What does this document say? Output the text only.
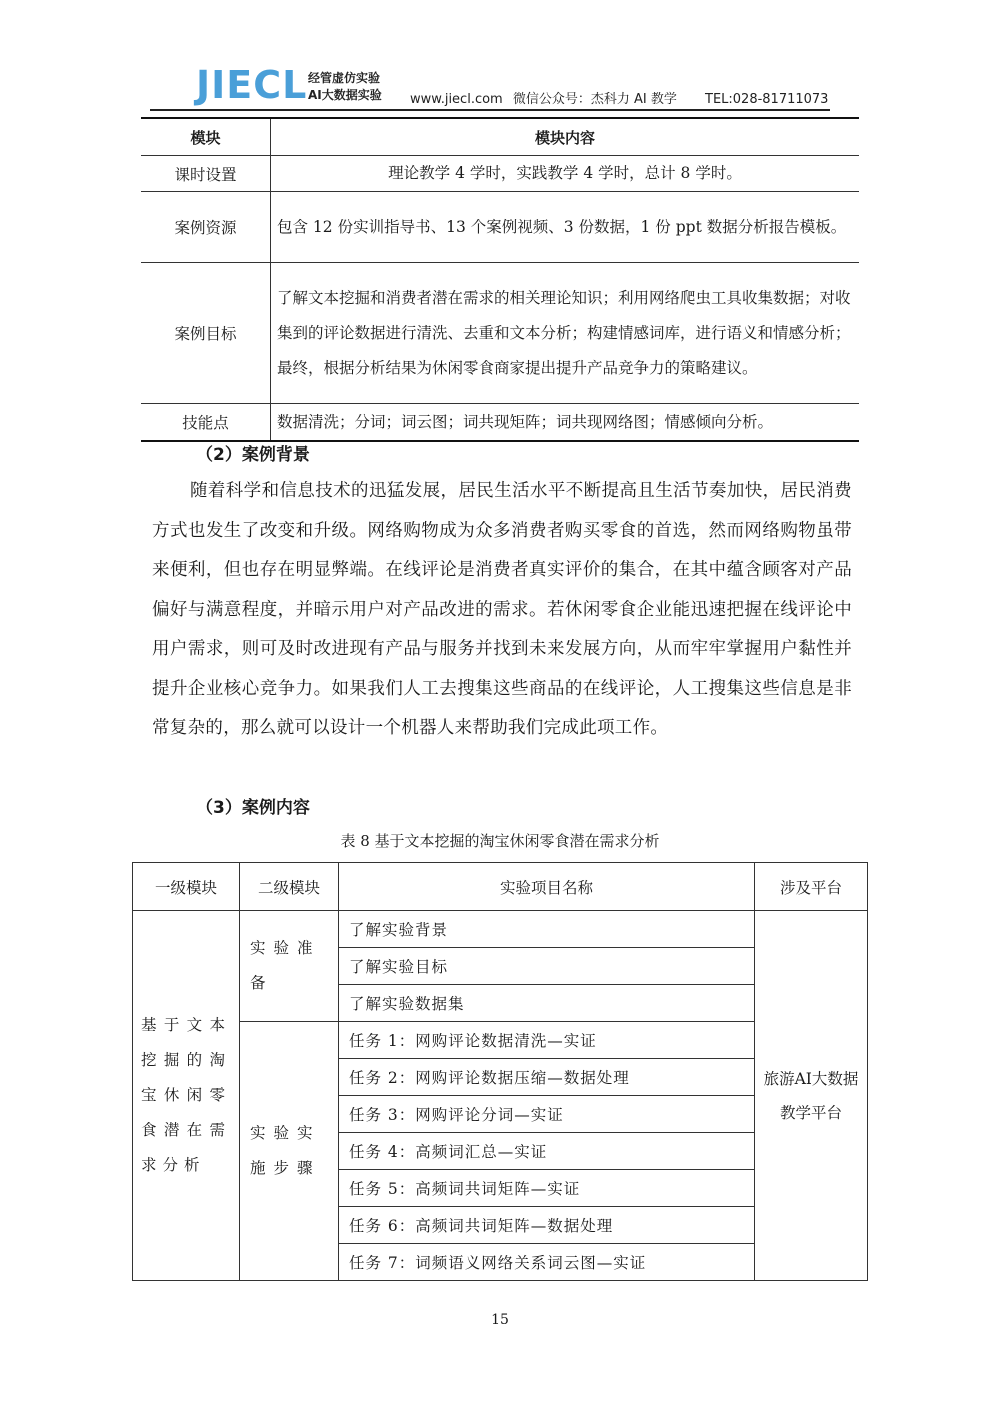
JIECL 经管虚仿实验
AI大数据实验 www.jiecl.com 微信公众号：杰科力 AI 教学 TEL:028-81711073
模块	模块内容
课时设置	理论教学 4 学时，实践教学 4 学时，总计 8 学时。
案例资源	包含 12 份实训指导书、13 个案例视频、3 份数据，1 份 ppt 数据分析报告模板。
案例目标	了解文本挖掘和消费者潜在需求的相关理论知识；利用网络爬虫工具收集数据；对收集到的评论数据进行清洗、去重和文本分析；构建情感词库，进行语义和情感分析；最终，根据分析结果为休闲零食商家提出提升产品竞争力的策略建议。
技能点	数据清洗；分词；词云图；词共现矩阵；词共现网络图；情感倾向分析。
（2）案例背景
随着科学和信息技术的迅猛发展，居民生活水平不断提高且生活节奏加快，居民消费方式也发生了改变和升级。网络购物成为众多消费者购买零食的首选，然而网络购物虽带来便利，但也存在明显弊端。在线评论是消费者真实评价的集合，在其中蕴含顾客对产品偏好与满意程度，并暗示用户对产品改进的需求。若休闲零食企业能迅速把握在线评论中用户需求，则可及时改进现有产品与服务并找到未来发展方向，从而牢牢掌握用户黏性并提升企业核心竞争力。如果我们人工去搜集这些商品的在线评论，人工搜集这些信息是非常复杂的，那么就可以设计一个机器人来帮助我们完成此项工作。
（3）案例内容
表 8 基于文本挖掘的淘宝休闲零食潜在需求分析
一级模块	二级模块	实验项目名称	涉及平台
基于文本挖掘的淘宝休闲零食潜在需求分析	实验准备	了解实验背景	旅游AI大数据教学平台
		了解实验目标	
		了解实验数据集	
	实验实施步骤	任务 1：网购评论数据清洗—实证	
		任务 2：网购评论数据压缩—数据处理	
		任务 3：网购评论分词—实证	
		任务 4：高频词汇总—实证	
		任务 5：高频词共词矩阵—实证	
		任务 6：高频词共词矩阵—数据处理	
		任务 7：词频语义网络关系词云图—实证	
15
